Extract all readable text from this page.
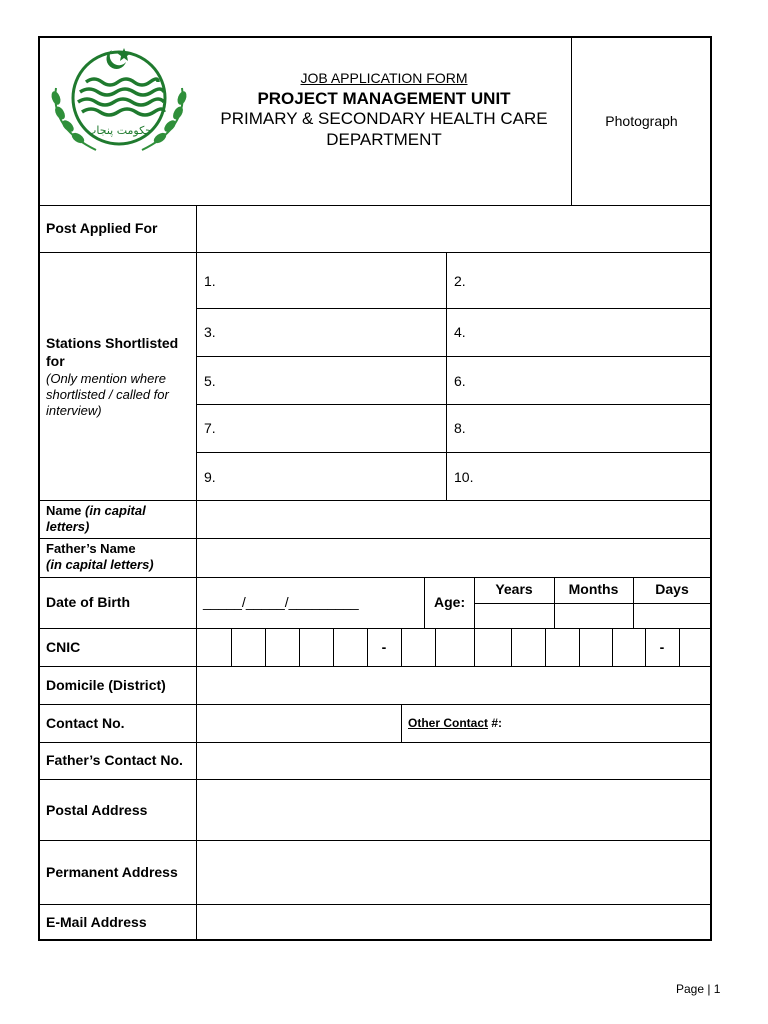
حکومت پنجاب
JOB APPLICATION FORM
PROJECT MANAGEMENT UNIT
PRIMARY & SECONDARY HEALTH CARE
DEPARTMENT
Photograph
Post Applied For
Stations Shortlisted
for
(Only mention where
shortlisted / called for
interview)
1.	2.
3.	4.
5.	6.
7.	8.
9.	10.
Name (in capital
letters)
Father’s Name
(in capital letters)
Date of Birth	_____/_____/_________	Age:
Years	Months	Days
CNIC	-	-
Domicile (District)
Contact No.	Other Contact #:
Father’s Contact No.
Postal Address
Permanent Address
E-Mail Address
Page | 1
